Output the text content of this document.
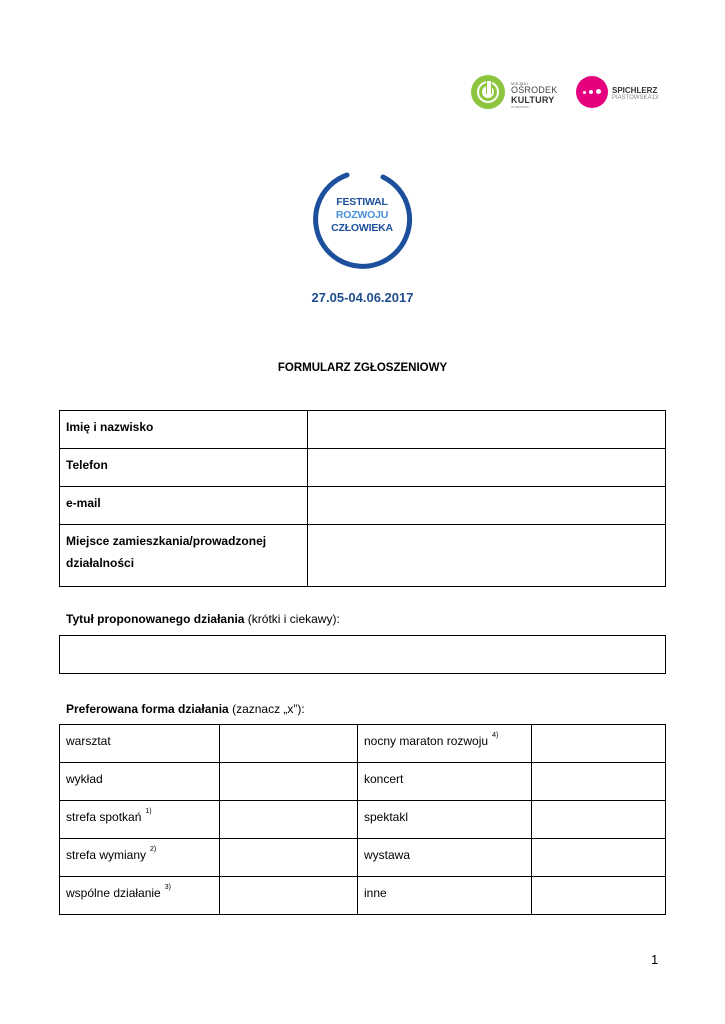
MIEJSKI
OŚRODEK
KULTURY
W GDAŃSKU
SPICHLERZ
PIASTOWSKA13
FESTIWAL
ROZWOJU
CZŁOWIEKA
27.05-04.06.2017
FORMULARZ ZGŁOSZENIOWY
Imię i nazwisko	

Telefon	

e-mail	

Miejsce zamieszkania/prowadzonej
działalności	

Tytuł proponowanego działania (krótki i ciekawy):
Preferowana forma działania (zaznacz „x”):
warsztat		nocny maraton rozwoju $^{4)}$

wykład		koncert	

strefa spotkań $^{1)}$		spektakl	

strefa wymiany $^{2)}$		wystawa	

wspólne działanie $^{3)}$		inne	

1
